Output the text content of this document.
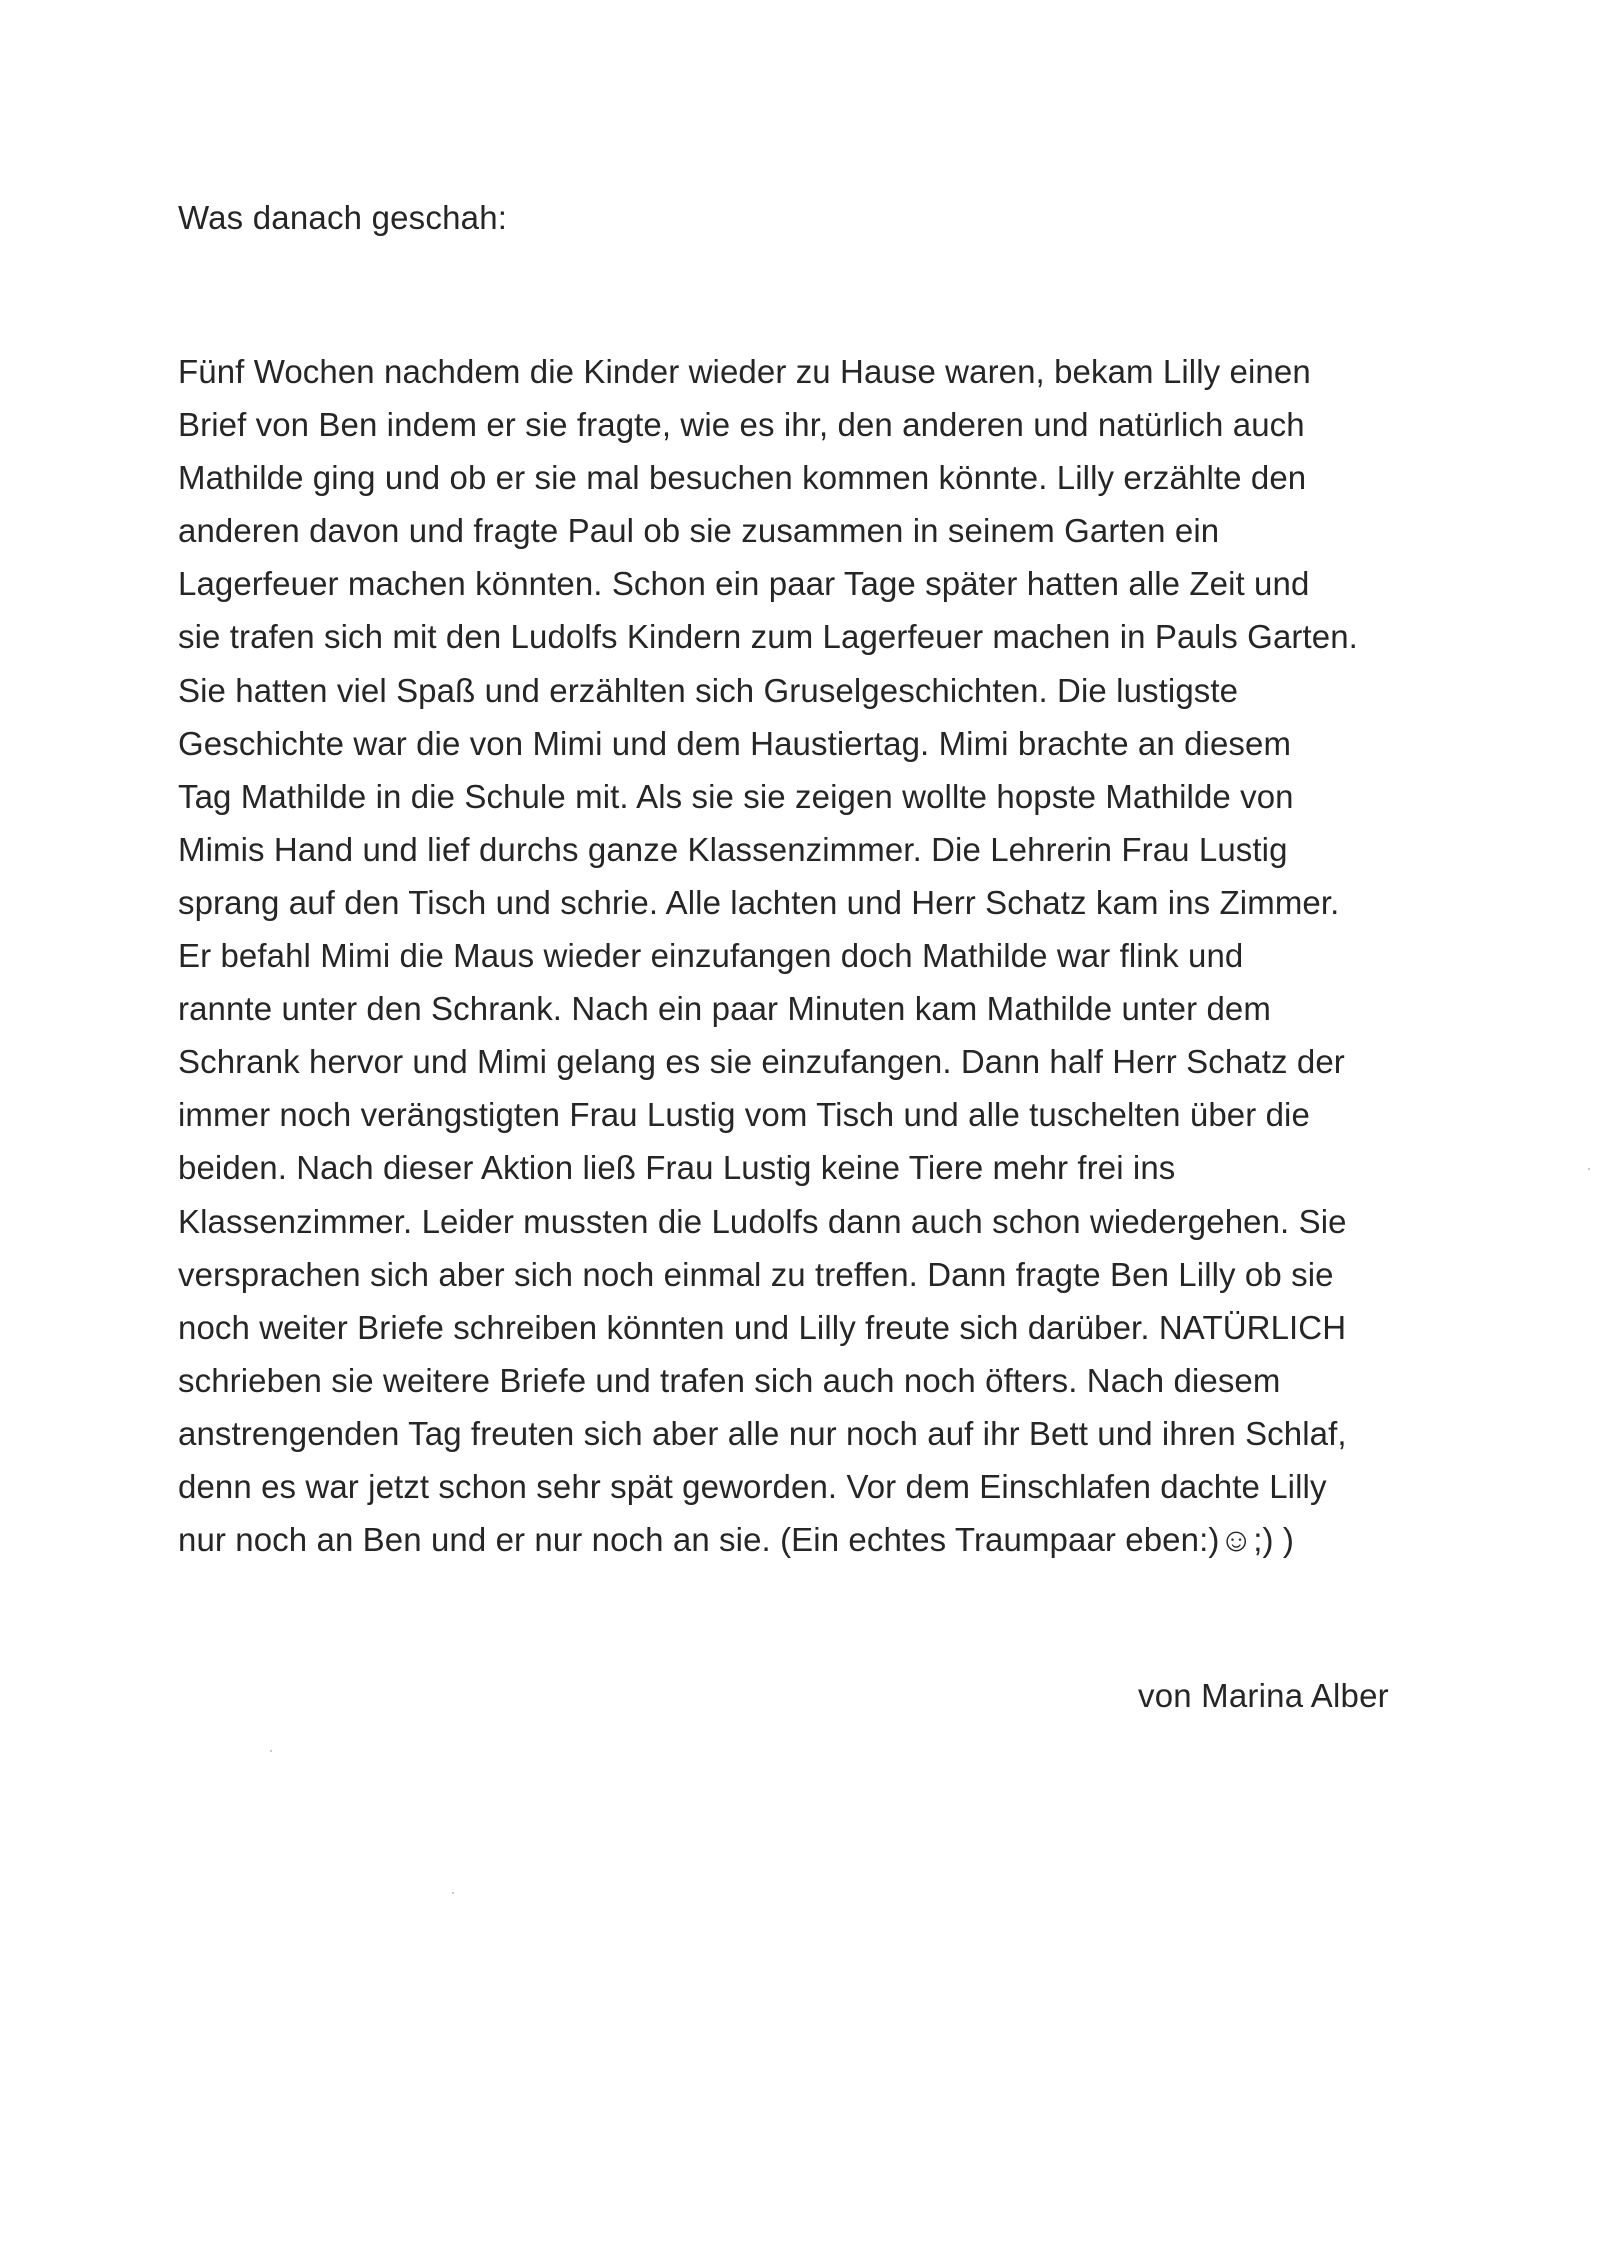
Was danach geschah:
Fünf Wochen nachdem die Kinder wieder zu Hause waren, bekam Lilly einen
Brief von Ben indem er sie fragte, wie es ihr, den anderen und natürlich auch
Mathilde ging und ob er sie mal besuchen kommen könnte. Lilly erzählte den
anderen davon und fragte Paul ob sie zusammen in seinem Garten ein
Lagerfeuer machen könnten. Schon ein paar Tage später hatten alle Zeit und
sie trafen sich mit den Ludolfs Kindern zum Lagerfeuer machen in Pauls Garten.
Sie hatten viel Spaß und erzählten sich Gruselgeschichten. Die lustigste
Geschichte war die von Mimi und dem Haustiertag. Mimi brachte an diesem
Tag Mathilde in die Schule mit. Als sie sie zeigen wollte hopste Mathilde von
Mimis Hand und lief durchs ganze Klassenzimmer. Die Lehrerin Frau Lustig
sprang auf den Tisch und schrie. Alle lachten und Herr Schatz kam ins Zimmer.
Er befahl Mimi die Maus wieder einzufangen doch Mathilde war flink und
rannte unter den Schrank. Nach ein paar Minuten kam Mathilde unter dem
Schrank hervor und Mimi gelang es sie einzufangen. Dann half Herr Schatz der
immer noch verängstigten Frau Lustig vom Tisch und alle tuschelten über die
beiden. Nach dieser Aktion ließ Frau Lustig keine Tiere mehr frei ins
Klassenzimmer. Leider mussten die Ludolfs dann auch schon wiedergehen. Sie
versprachen sich aber sich noch einmal zu treffen. Dann fragte Ben Lilly ob sie
noch weiter Briefe schreiben könnten und Lilly freute sich darüber. NATÜRLICH
schrieben sie weitere Briefe und trafen sich auch noch öfters. Nach diesem
anstrengenden Tag freuten sich aber alle nur noch auf ihr Bett und ihren Schlaf,
denn es war jetzt schon sehr spät geworden. Vor dem Einschlafen dachte Lilly
nur noch an Ben und er nur noch an sie. (Ein echtes Traumpaar eben:)☺;) )
von Marina Alber
